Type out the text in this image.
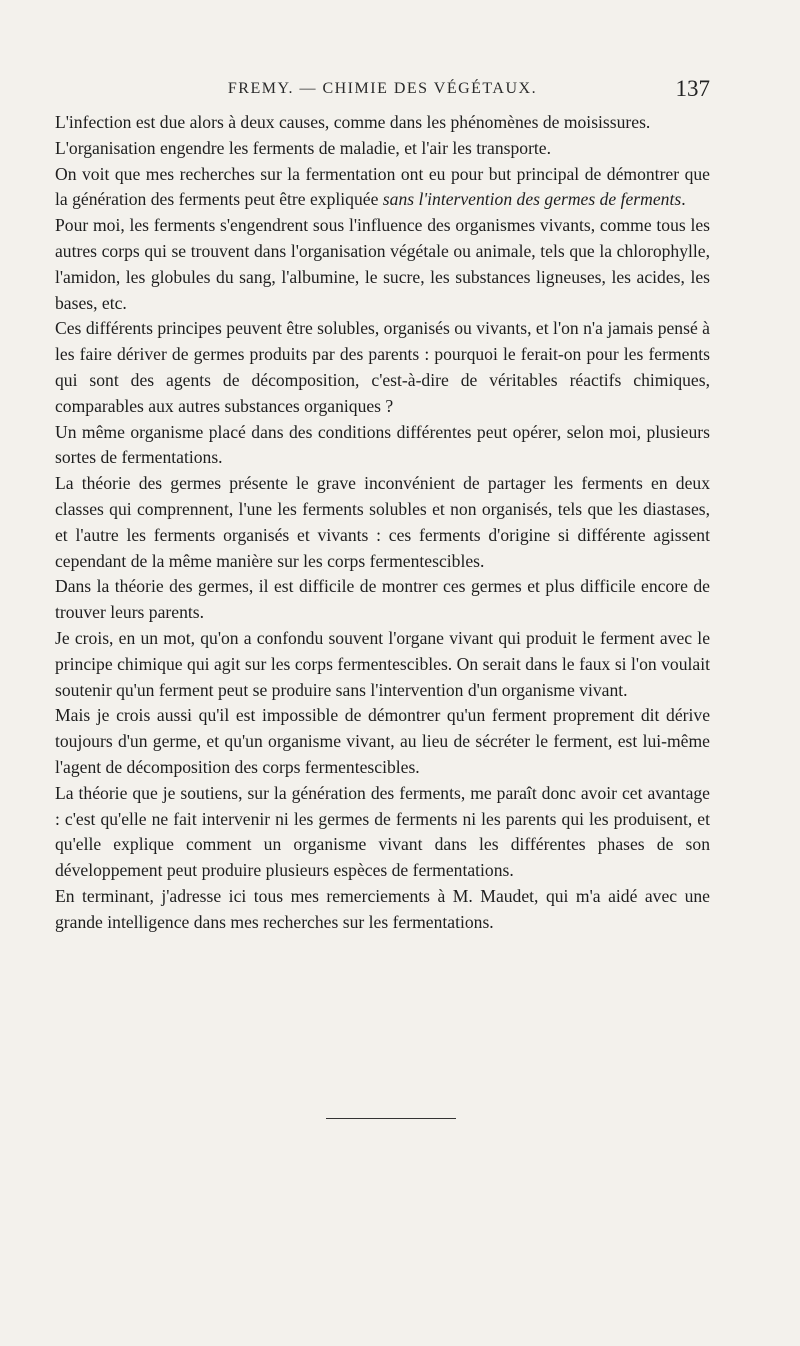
FREMY. — CHIMIE DES VÉGÉTAUX.	137

L'infection est due alors à deux causes, comme dans les phénomènes de moisissures.

L'organisation engendre les ferments de maladie, et l'air les transporte.

On voit que mes recherches sur la fermentation ont eu pour but principal de démontrer que la génération des ferments peut être expliquée sans l'intervention des germes de ferments.

Pour moi, les ferments s'engendrent sous l'influence des organismes vivants, comme tous les autres corps qui se trouvent dans l'organisation végétale ou animale, tels que la chlorophylle, l'amidon, les globules du sang, l'albumine, le sucre, les substances ligneuses, les acides, les bases, etc.

Ces différents principes peuvent être solubles, organisés ou vivants, et l'on n'a jamais pensé à les faire dériver de germes produits par des parents : pourquoi le ferait-on pour les ferments qui sont des agents de décomposition, c'est-à-dire de véritables réactifs chimiques, comparables aux autres substances organiques ?

Un même organisme placé dans des conditions différentes peut opérer, selon moi, plusieurs sortes de fermentations.

La théorie des germes présente le grave inconvénient de partager les ferments en deux classes qui comprennent, l'une les ferments solubles et non organisés, tels que les diastases, et l'autre les ferments organisés et vivants : ces ferments d'origine si différente agissent cependant de la même manière sur les corps fermentescibles.

Dans la théorie des germes, il est difficile de montrer ces germes et plus difficile encore de trouver leurs parents.

Je crois, en un mot, qu'on a confondu souvent l'organe vivant qui produit le ferment avec le principe chimique qui agit sur les corps fermentescibles. On serait dans le faux si l'on voulait soutenir qu'un ferment peut se produire sans l'intervention d'un organisme vivant.

Mais je crois aussi qu'il est impossible de démontrer qu'un ferment proprement dit dérive toujours d'un germe, et qu'un organisme vivant, au lieu de sécréter le ferment, est lui-même l'agent de décomposition des corps fermentescibles.

La théorie que je soutiens, sur la génération des ferments, me paraît donc avoir cet avantage : c'est qu'elle ne fait intervenir ni les germes de ferments ni les parents qui les produisent, et qu'elle explique comment un organisme vivant dans les différentes phases de son développement peut produire plusieurs espèces de fermentations.

En terminant, j'adresse ici tous mes remerciements à M. Maudet, qui m'a aidé avec une grande intelligence dans mes recherches sur les fermentations.
